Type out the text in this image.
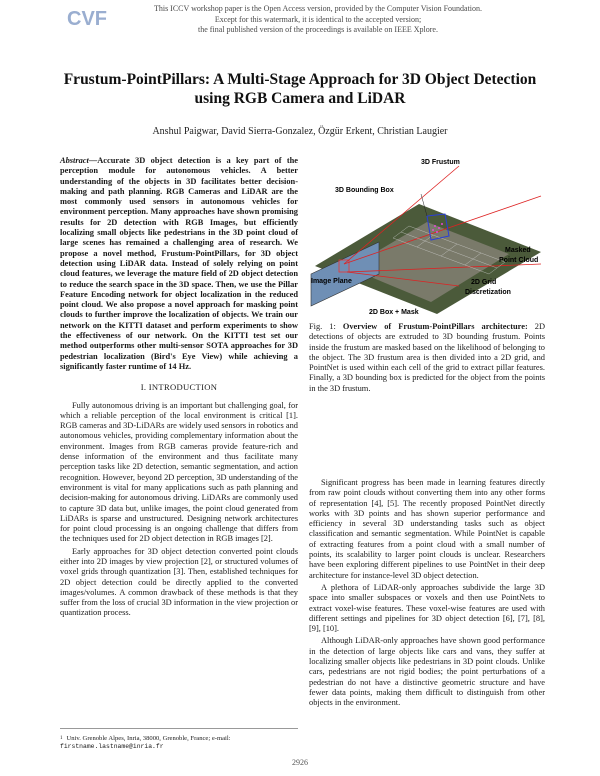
CVF	This ICCV workshop paper is the Open Access version, provided by the Computer Vision Foundation.
Except for this watermark, it is identical to the accepted version;
the final published version of the proceedings is available on IEEE Xplore.
Frustum-PointPillars: A Multi-Stage Approach for 3D Object Detection
using RGB Camera and LiDAR
Anshul Paigwar, David Sierra-Gonzalez, Özgür Erkent, Christian Laugier
Abstract—Accurate 3D object detection is a key part of the perception module for autonomous vehicles. A better understanding of the objects in 3D facilitates better decision-making and path planning. RGB Cameras and LiDAR are the most commonly used sensors in autonomous vehicles for environment perception. Many approaches have shown promising results for 2D detection with RGB Images, but efficiently localizing small objects like pedestrians in the 3D point cloud of large scenes has remained a challenging area of research. We propose a novel method, Frustum-PointPillars, for 3D object detection using LiDAR data. Instead of solely relying on point cloud features, we leverage the mature field of 2D object detection to reduce the search space in the 3D space. Then, we use the Pillar Feature Encoding network for object localization in the reduced point cloud. We also propose a novel approach for masking point clouds to further improve the localization of objects. We train our network on the KITTI dataset and perform experiments to show the effectiveness of our network. On the KITTI test set our method outperforms other multi-sensor SOTA approaches for 3D pedestrian localization (Bird's Eye View) while achieving a significantly faster runtime of 14 Hz.
I. INTRODUCTION

Fully autonomous driving is an important but challenging goal, for which a reliable perception of the local environment is critical [1]. RGB cameras and 3D-LiDARs are widely used sensors in robotics and autonomous vehicles, providing complementary information about the environment. Images from RGB cameras provide feature-rich and dense information of the environment and thus facilitate many perception tasks like 2D detection, semantic segmentation, and action recognition. However, beyond 2D perception, 3D understanding of the environment is vital for many applications such as path planning and decision-making for autonomous driving. LiDARs are commonly used to capture 3D data but, unlike images, the point cloud generated from LiDARs is sparse and unstructured. Designing network architectures for point cloud processing is an ongoing challenge that differs from the techniques used for 2D object detection in RGB images [2].

Early approaches for 3D object detection converted point clouds either into 2D images by view projection [2], or structured volumes of voxel grids through quantization [3]. Then, established techniques for 2D object detection could be directly applied to the converted images/volumes. A common drawback of these methods is that they suffer from the loss of crucial 3D information in the view projection or quantization process.

$^1$ Univ. Grenoble Alpes, Inria, 38000, Grenoble, France; e-mail:
firstname.lastname@inria.fr
3D Frustum
3D Bounding Box
Masked
Point Cloud
2D Grid
Discretization
Image Plane
2D Box + Mask
Fig. 1: Overview of Frustum-PointPillars architecture: 2D detections of objects are extruded to 3D bounding frustum. Points inside the frustum are masked based on the likelihood of belonging to the object. The 3D frustum area is then divided into a 2D grid, and PointNet is used within each cell of the grid to extract pillar features. Finally, a 3D bounding box is predicted for the object from the points in the 3D frustum.

Significant progress has been made in learning features directly from raw point clouds without converting them into any other forms of representation [4], [5]. The recently proposed PointNet directly works with 3D points and has shown superior performance and efficiency in several 3D understanding tasks such as object classification and semantic segmentation. While PointNet is capable of extracting features from a point cloud with a small number of points, its scalability to larger point clouds is unclear. Researchers have been exploring different pipelines to use PointNet in their deep architecture for instance-level 3D object detection.

A plethora of LiDAR-only approaches subdivide the large 3D space into smaller subspaces or voxels and then use PointNets to extract voxel-wise features. These voxel-wise features are used with different settings and pipelines for 3D object detection [6], [7], [8], [9], [10].

Although LiDAR-only approaches have shown good performance in the detection of large objects like cars and vans, they suffer at localizing smaller objects like pedestrians in 3D point clouds. Unlike cars, pedestrians are not rigid bodies; the point perturbations of a pedestrian do not have a distinctive geometric structure and have fewer data points, making them difficult to distinguish from other objects in the environment.

2926
